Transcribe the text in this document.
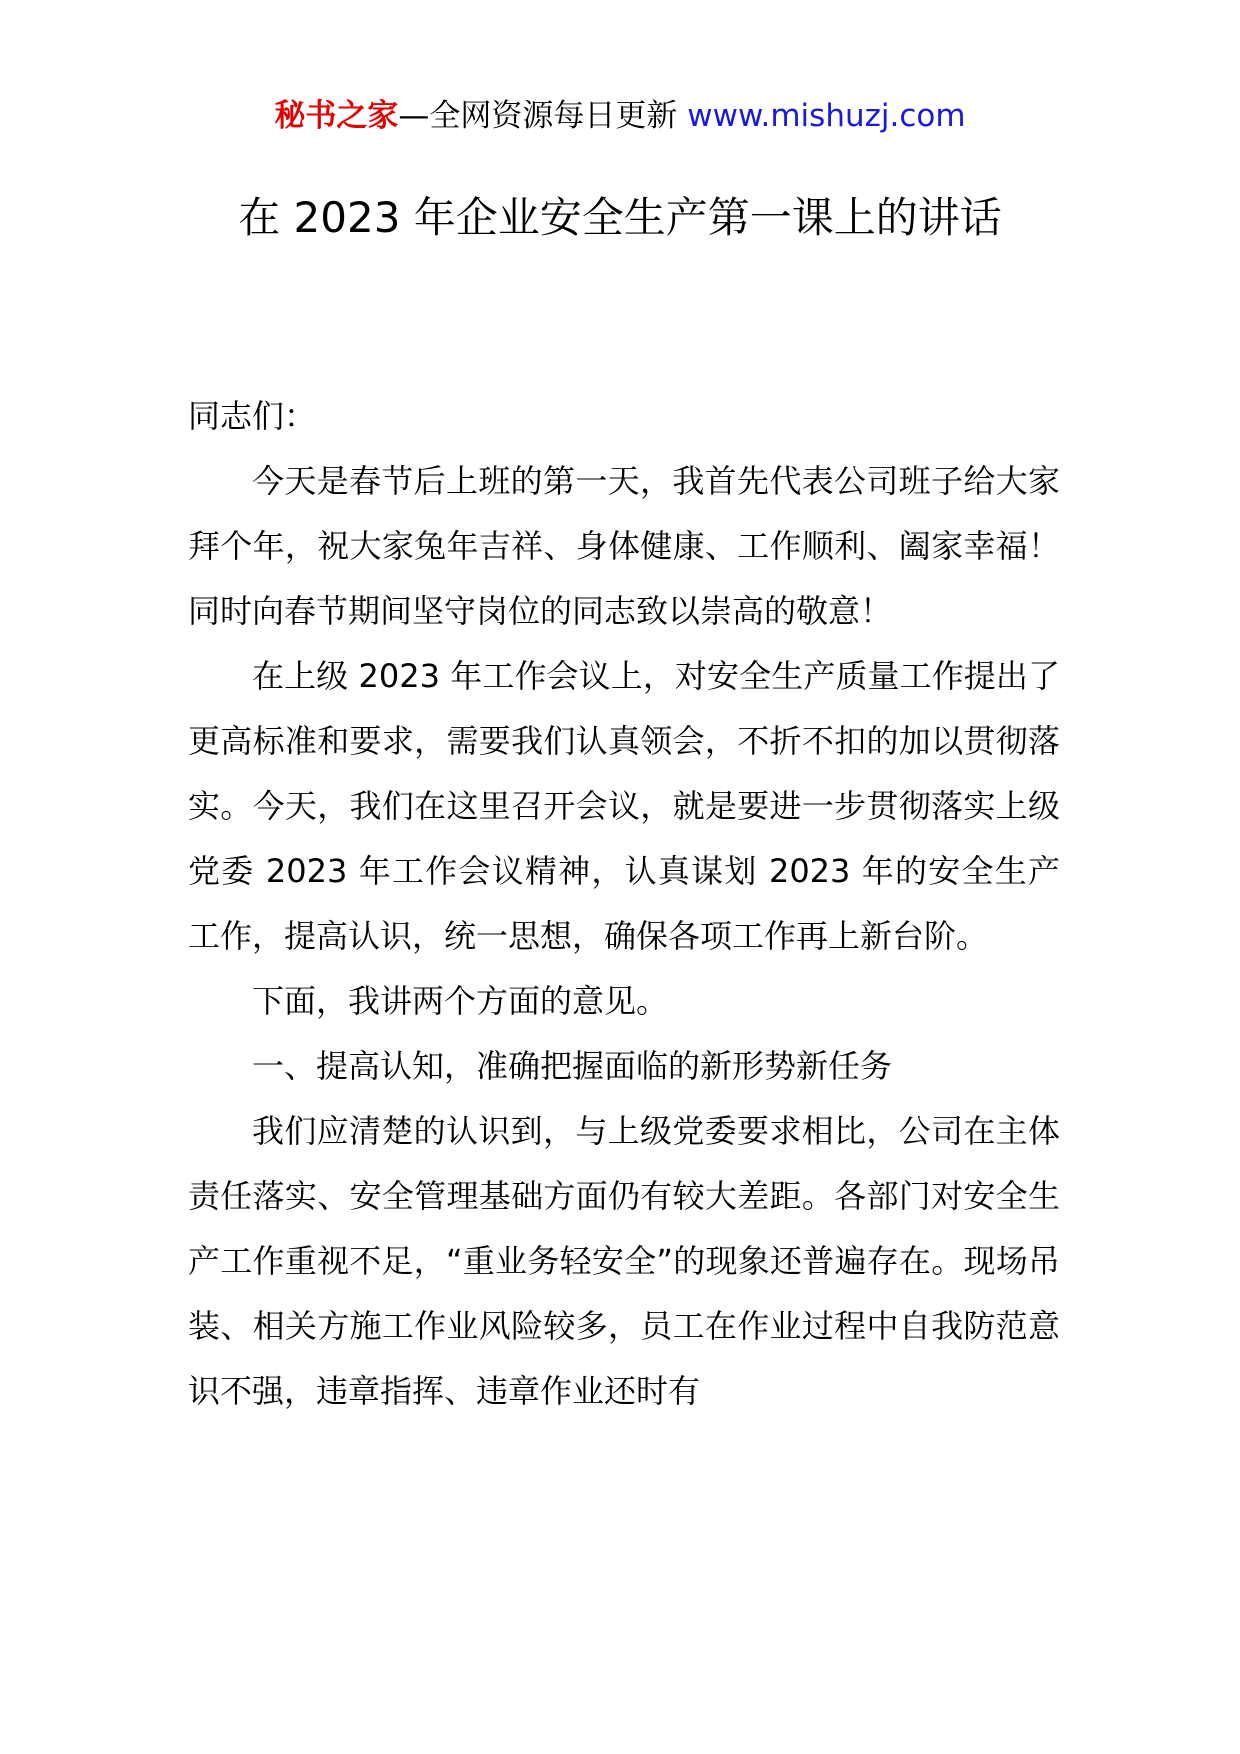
秘书之家—全网资源每日更新 www.mishuzj.com
在 2023 年企业安全生产第一课上的讲话

同志们：

今天是春节后上班的第一天，我首先代表公司班子给大家拜个年，祝大家兔年吉祥、身体健康、工作顺利、阖家幸福！同时向春节期间坚守岗位的同志致以崇高的敬意！

在上级 2023 年工作会议上，对安全生产质量工作提出了更高标准和要求，需要我们认真领会，不折不扣的加以贯彻落实。今天，我们在这里召开会议，就是要进一步贯彻落实上级党委 2023 年工作会议精神，认真谋划 2023 年的安全生产工作，提高认识，统一思想，确保各项工作再上新台阶。

下面，我讲两个方面的意见。

一、提高认知，准确把握面临的新形势新任务

我们应清楚的认识到，与上级党委要求相比，公司在主体责任落实、安全管理基础方面仍有较大差距。各部门对安全生产工作重视不足，“重业务轻安全”的现象还普遍存在。现场吊装、相关方施工作业风险较多，员工在作业过程中自我防范意识不强，违章指挥、违章作业还时有
